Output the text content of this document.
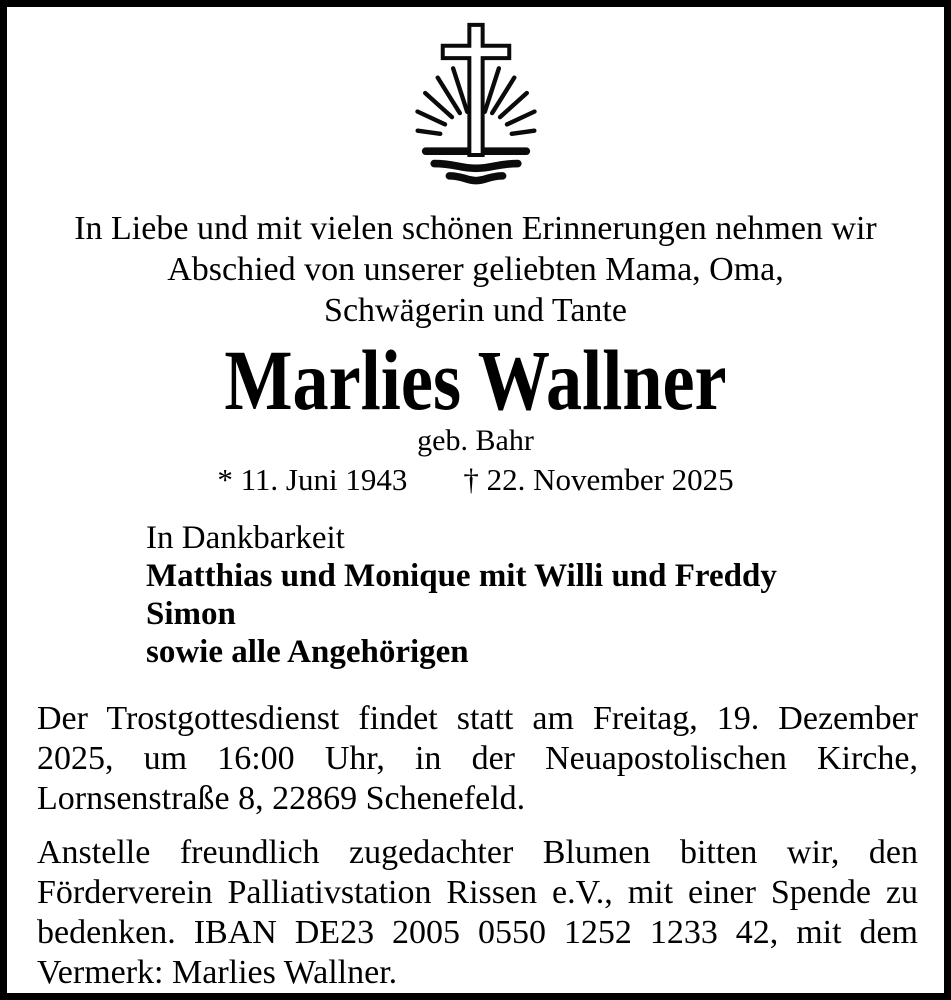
In Liebe und mit vielen schönen Erinnerungen nehmen wir
Abschied von unserer geliebten Mama, Oma,
Schwägerin und Tante
Marlies Wallner
geb. Bahr
* 11. Juni 1943 † 22. November 2025
In Dankbarkeit
Matthias und Monique mit Willi und Freddy
Simon
sowie alle Angehörigen
Der Trostgottesdienst findet statt am Freitag, 19. Dezember 2025, um 16:00 Uhr, in der Neuapostolischen Kirche, Lornsenstraße 8, 22869 Schenefeld.
Anstelle freundlich zugedachter Blumen bitten wir, den Förderverein Palliativstation Rissen e.V., mit einer Spende zu bedenken. IBAN DE23 2005 0550 1252 1233 42, mit dem Vermerk: Marlies Wallner.
